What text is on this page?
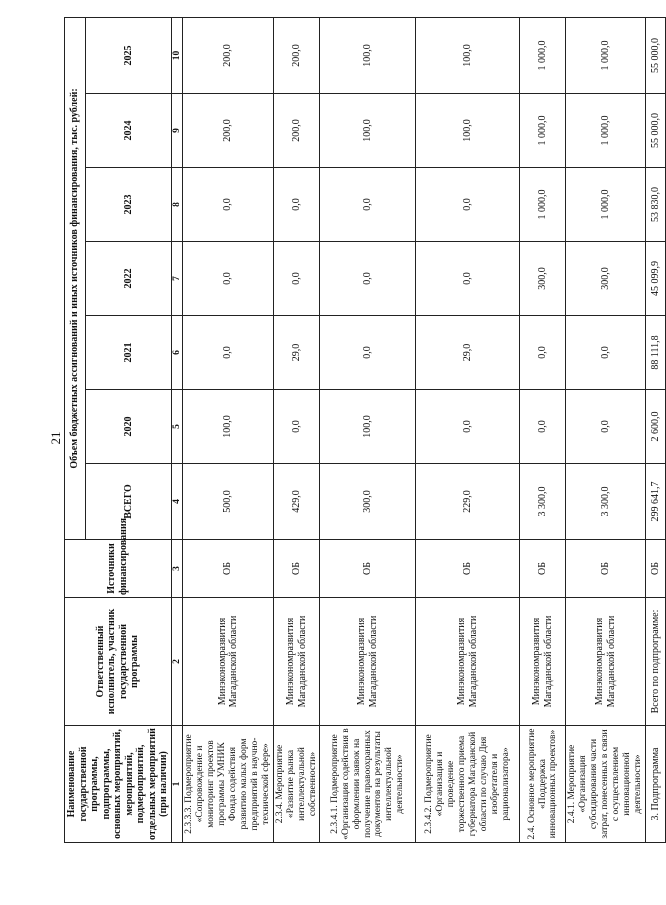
21
Наименование государственной программы, подпрограммы, основных мероприятий, мероприятий, подмероприятий, отдельных мероприятий (при наличии)	Ответственный исполнитель, участник государственной программы	Источники финансирования	Объем бюджетных ассигнований и иных источников финансирования, тыс. рублей:						
			ВСЕГО	2020	2021	2022	2023	2024	2025
1	2	3	4	5	6	7	8	9	10
2.3.3.3. Подмероприятие «Сопровождение и мониторинг проектов программы УМНИК Фонда содействия развитию малых форм предприятий в научно-технической сфере»	Минэкономразвития Магаданской области	ОБ	500,0	100,0	0,0	0,0	0,0	200,0	200,0
2.3.4. Мероприятие «Развитие рынка интеллектуальной собственности»	Минэкономразвития Магаданской области	ОБ	429,0	0,0	29,0	0,0	0,0	200,0	200,0
2.3.4.1. Подмероприятие «Организация содействия в оформлении заявок на получение правоохранных документов на результаты интеллектуальной деятельности»	Минэкономразвития Магаданской области	ОБ	300,0	100,0	0,0	0,0	0,0	100,0	100,0
2.3.4.2. Подмероприятие «Организация и проведение торжественного приема губернатора Магаданской области по случаю Дня изобретателя и рационализатора»	Минэкономразвития Магаданской области	ОБ	229,0	0,0	29,0	0,0	0,0	100,0	100,0
2.4. Основное мероприятие «Поддержка инновационных проектов»	Минэкономразвития Магаданской области	ОБ	3 300,0	0,0	0,0	300,0	1 000,0	1 000,0	1 000,0
2.4.1. Мероприятие «Организация субсидирования части затрат, понесенных в связи с осуществлением инновационной деятельности»	Минэкономразвития Магаданской области	ОБ	3 300,0	0,0	0,0	300,0	1 000,0	1 000,0	1 000,0
3. Подпрограмма	Всего по подпрограмме:	ОБ	299 641,7	2 600,0	88 111,8	45 099,9	53 830,0	55 000,0	55 000,0
